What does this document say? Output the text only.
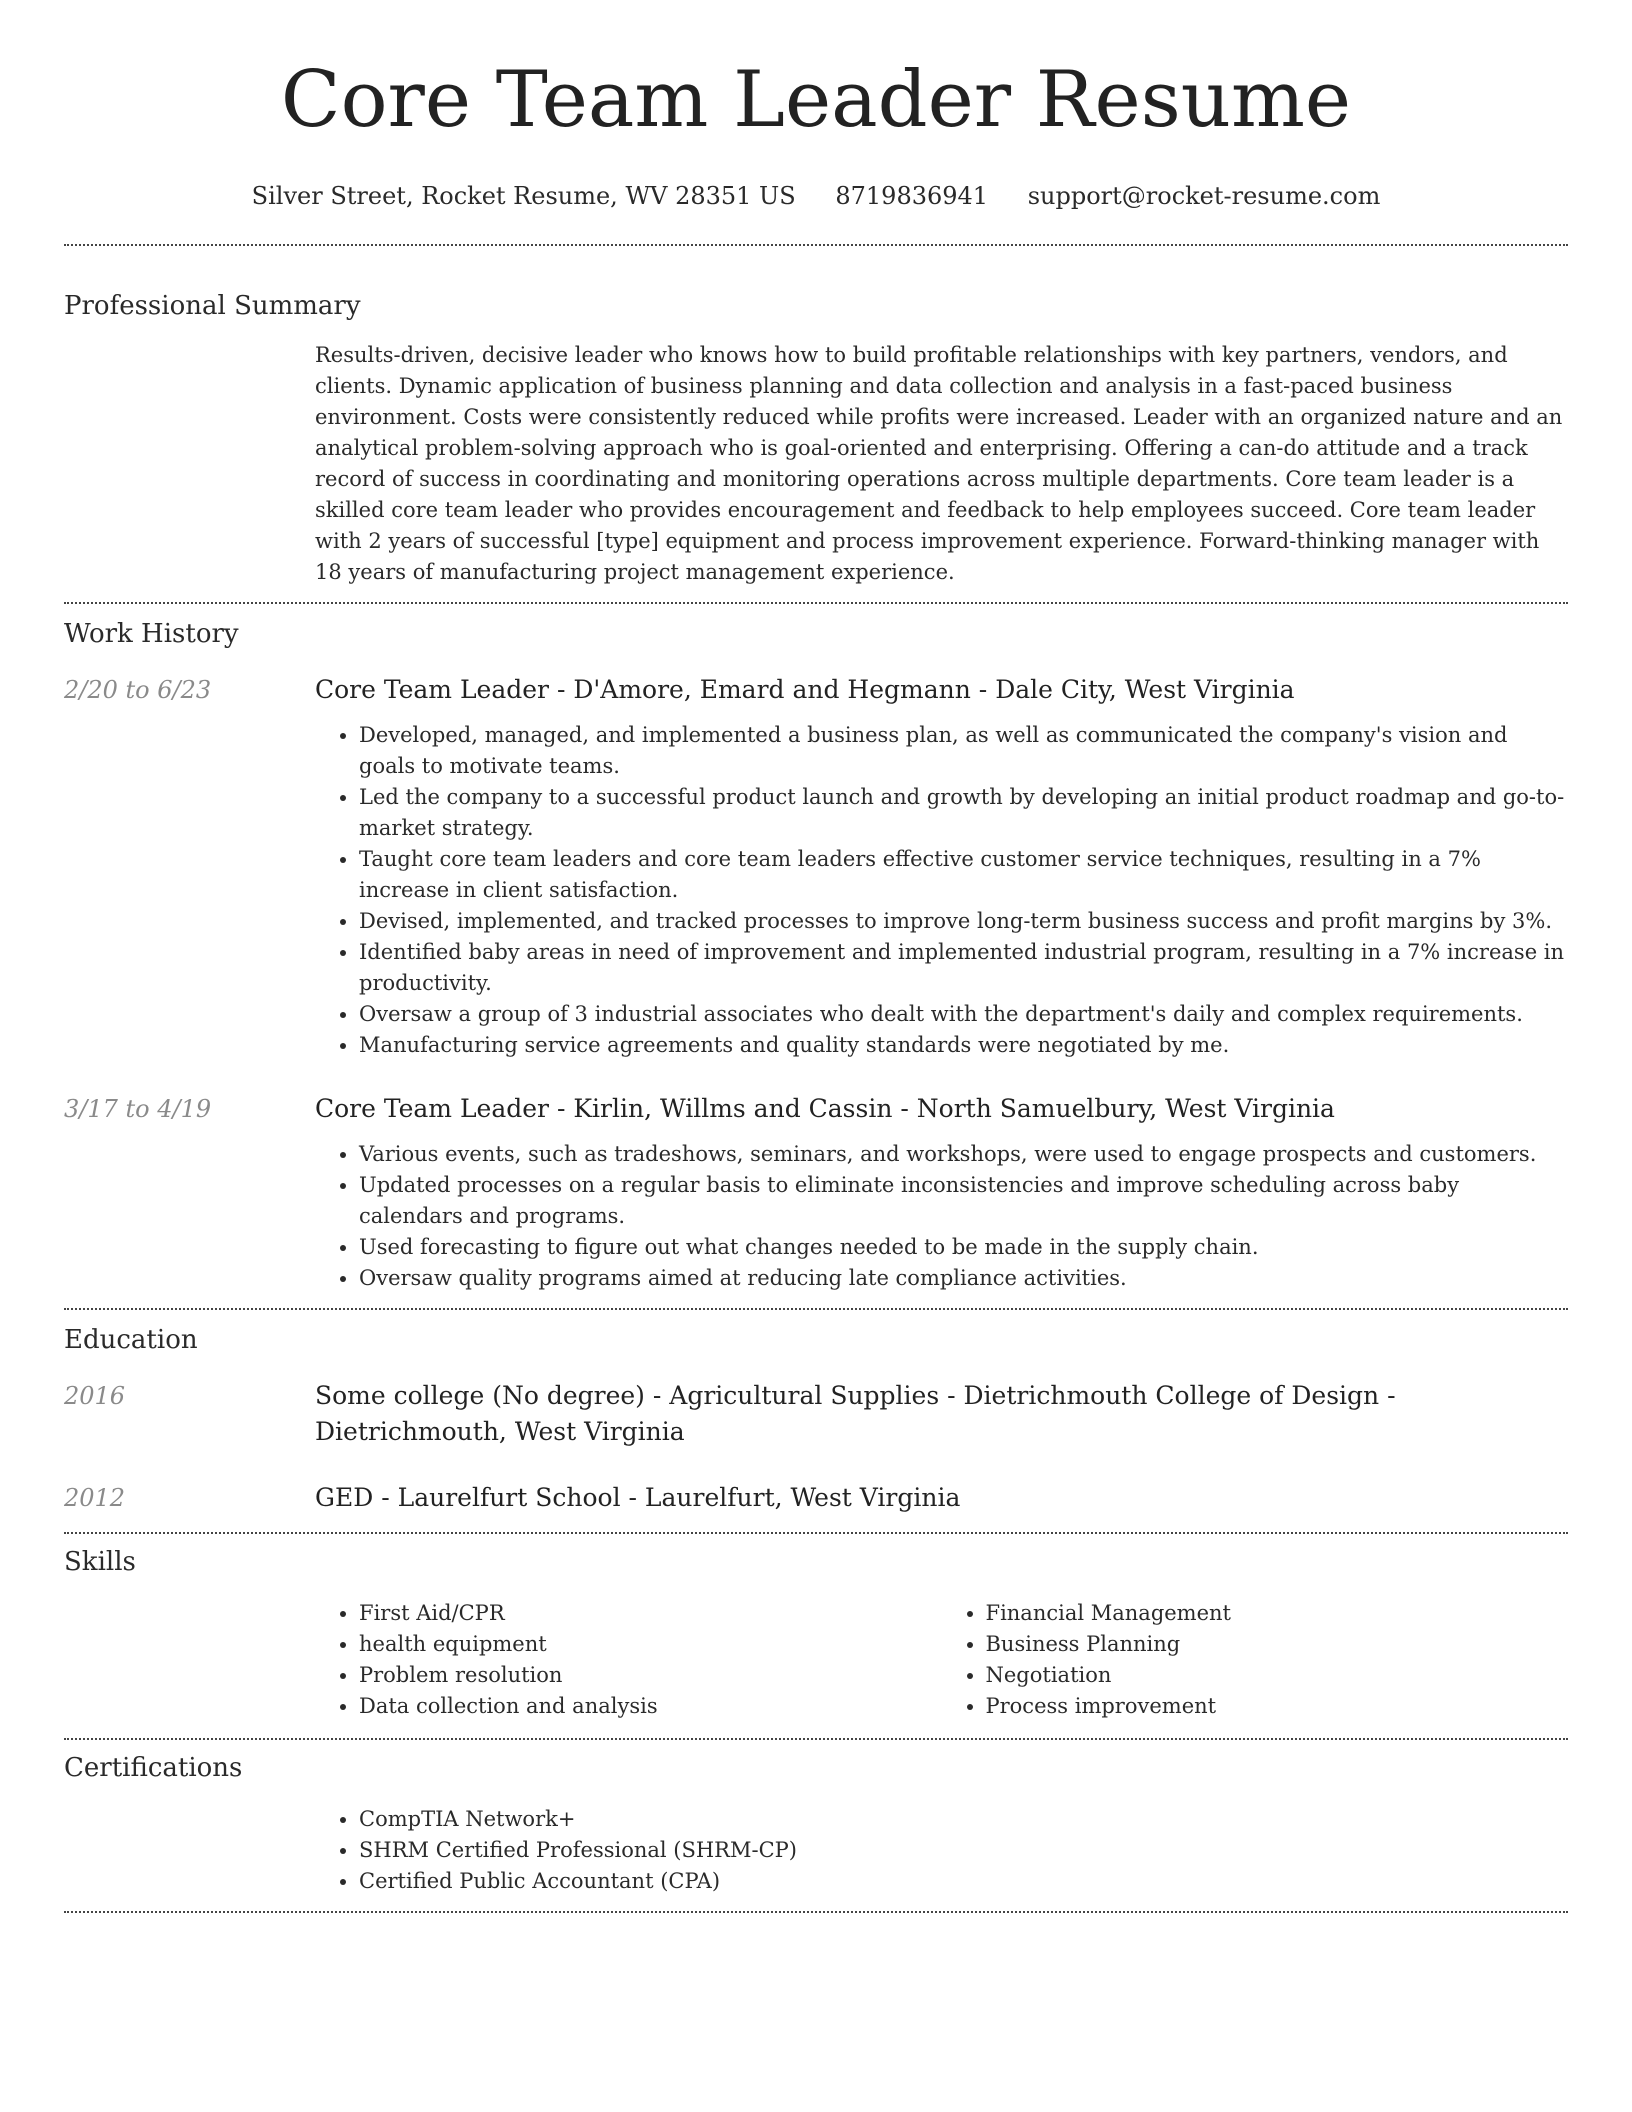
Core Team Leader Resume
Silver Street, Rocket Resume, WV 28351 US 8719836941 support@rocket-resume.com
Professional Summary

Results-driven, decisive leader who knows how to build profitable relationships with key partners, vendors, and clients. Dynamic application of business planning and data collection and analysis in a fast-paced business environment. Costs were consistently reduced while profits were increased. Leader with an organized nature and an analytical problem-solving approach who is goal-oriented and enterprising. Offering a can-do attitude and a track record of success in coordinating and monitoring operations across multiple departments. Core team leader is a skilled core team leader who provides encouragement and feedback to help employees succeed. Core team leader with 2 years of successful [type] equipment and process improvement experience. Forward-thinking manager with 18 years of manufacturing project management experience.

Work History
2/20 to 6/23	Core Team Leader - D'Amore, Emard and Hegmann - Dale City, West Virginia
• Developed, managed, and implemented a business plan, as well as communicated the company's vision and goals to motivate teams.
• Led the company to a successful product launch and growth by developing an initial product roadmap and go-to-market strategy.
• Taught core team leaders and core team leaders effective customer service techniques, resulting in a 7% increase in client satisfaction.
• Devised, implemented, and tracked processes to improve long-term business success and profit margins by 3%.
• Identified baby areas in need of improvement and implemented industrial program, resulting in a 7% increase in productivity.
• Oversaw a group of 3 industrial associates who dealt with the department's daily and complex requirements.
• Manufacturing service agreements and quality standards were negotiated by me.
3/17 to 4/19	Core Team Leader - Kirlin, Willms and Cassin - North Samuelbury, West Virginia
• Various events, such as tradeshows, seminars, and workshops, were used to engage prospects and customers.
• Updated processes on a regular basis to eliminate inconsistencies and improve scheduling across baby calendars and programs.
• Used forecasting to figure out what changes needed to be made in the supply chain.
• Oversaw quality programs aimed at reducing late compliance activities.
Education
2016	Some college (No degree) - Agricultural Supplies - Dietrichmouth College of Design - Dietrichmouth, West Virginia
2012	GED - Laurelfurt School - Laurelfurt, West Virginia
Skills
• First Aid/CPR
• health equipment
• Problem resolution
• Data collection and analysis
• Financial Management
• Business Planning
• Negotiation
• Process improvement
Certifications
• CompTIA Network+
• SHRM Certified Professional (SHRM-CP)
• Certified Public Accountant (CPA)
